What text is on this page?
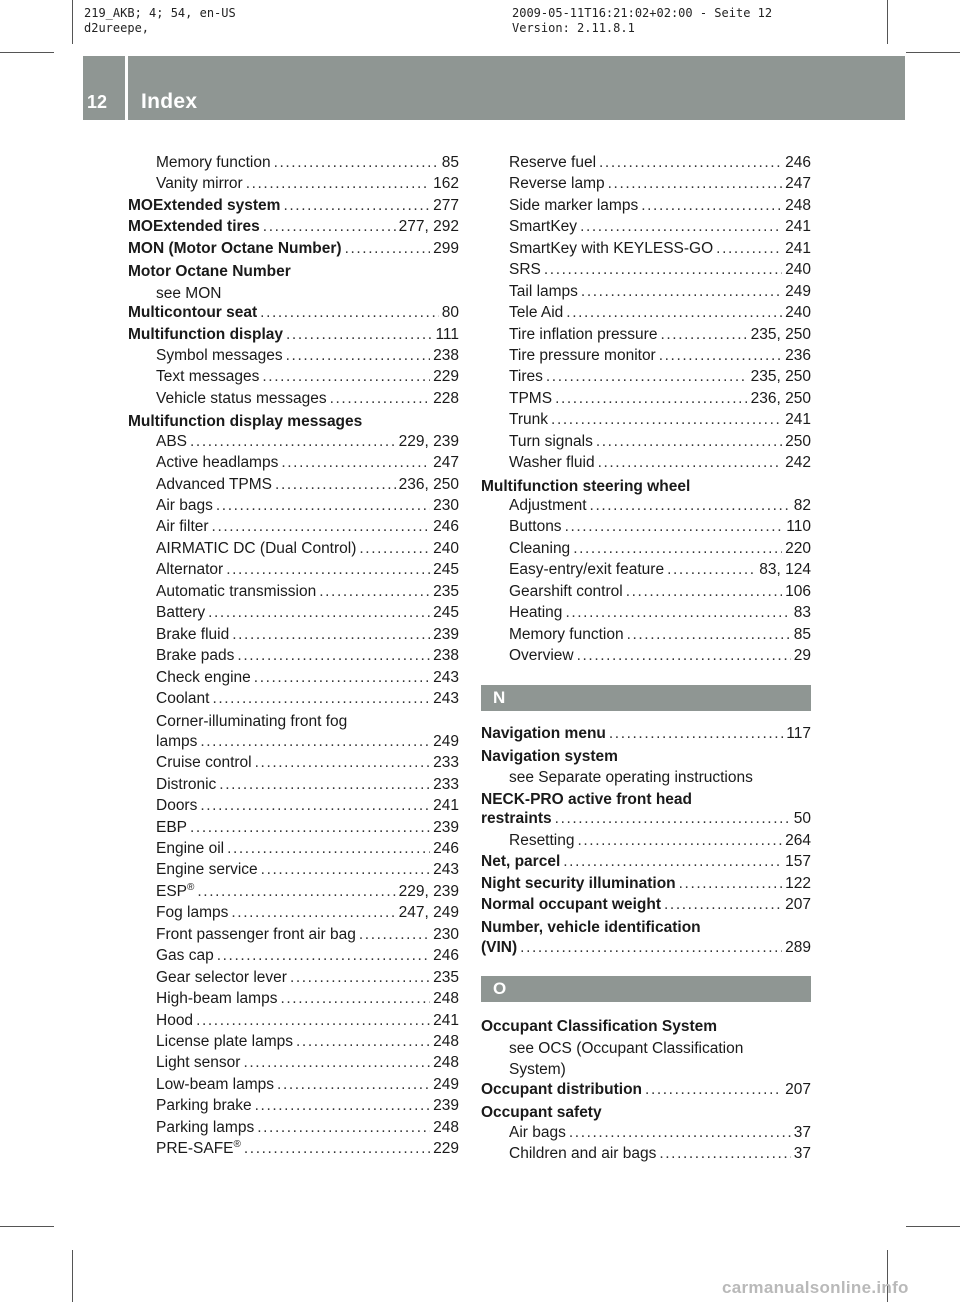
219_AKB; 4; 54, en-US
d2ureepe,
2009-05-11T16:21:02+02:00 - Seite 12
Version: 2.11.8.1
12 Index
Memory function .....	85
Vanity mirror .....	162
MOExtended system .....	277
MOExtended tires .....	277, 292
MON (Motor Octane Number) .....	299
Motor Octane Number
see MON
Multicontour seat .....	80
Multifunction display .....	111
Symbol messages .....	238
Text messages .....	229
Vehicle status messages .....	228
Multifunction display messages
ABS .....	229, 239
Active headlamps .....	247
Advanced TPMS .....	236, 250
Air bags .....	230
Air filter .....	246
AIRMATIC DC (Dual Control) .....	240
Alternator .....	245
Automatic transmission .....	235
Battery .....	245
Brake fluid .....	239
Brake pads .....	238
Check engine .....	243
Coolant .....	243
Corner-illuminating front fog
lamps .....	249
Cruise control .....	233
Distronic .....	233
Doors .....	241
EBP .....	239
Engine oil .....	246
Engine service .....	243
ESP® .....	229, 239
Fog lamps .....	247, 249
Front passenger front air bag .....	230
Gas cap .....	246
Gear selector lever .....	235
High-beam lamps .....	248
Hood .....	241
License plate lamps .....	248
Light sensor .....	248
Low-beam lamps .....	249
Parking brake .....	239
Parking lamps .....	248
PRE-SAFE® .....	229
Reserve fuel .....	246
Reverse lamp .....	247
Side marker lamps .....	248
SmartKey .....	241
SmartKey with KEYLESS-GO .....	241
SRS .....	240
Tail lamps .....	249
Tele Aid .....	240
Tire inflation pressure .....	235, 250
Tire pressure monitor .....	236
Tires .....	235, 250
TPMS .....	236, 250
Trunk .....	241
Turn signals .....	250
Washer fluid .....	242
Multifunction steering wheel
Adjustment .....	82
Buttons .....	110
Cleaning .....	220
Easy-entry/exit feature .....	83, 124
Gearshift control .....	106
Heating .....	83
Memory function .....	85
Overview .....	29
N
Navigation menu .....	117
Navigation system
see Separate operating instructions
NECK-PRO active front head
restraints .....	50
Resetting .....	264
Net, parcel .....	157
Night security illumination .....	122
Normal occupant weight .....	207
Number, vehicle identification
(VIN) .....	289
O
Occupant Classification System
see OCS (Occupant Classification
System)
Occupant distribution .....	207
Occupant safety
Air bags .....	37
Children and air bags .....	37
carmanualsonline.info
